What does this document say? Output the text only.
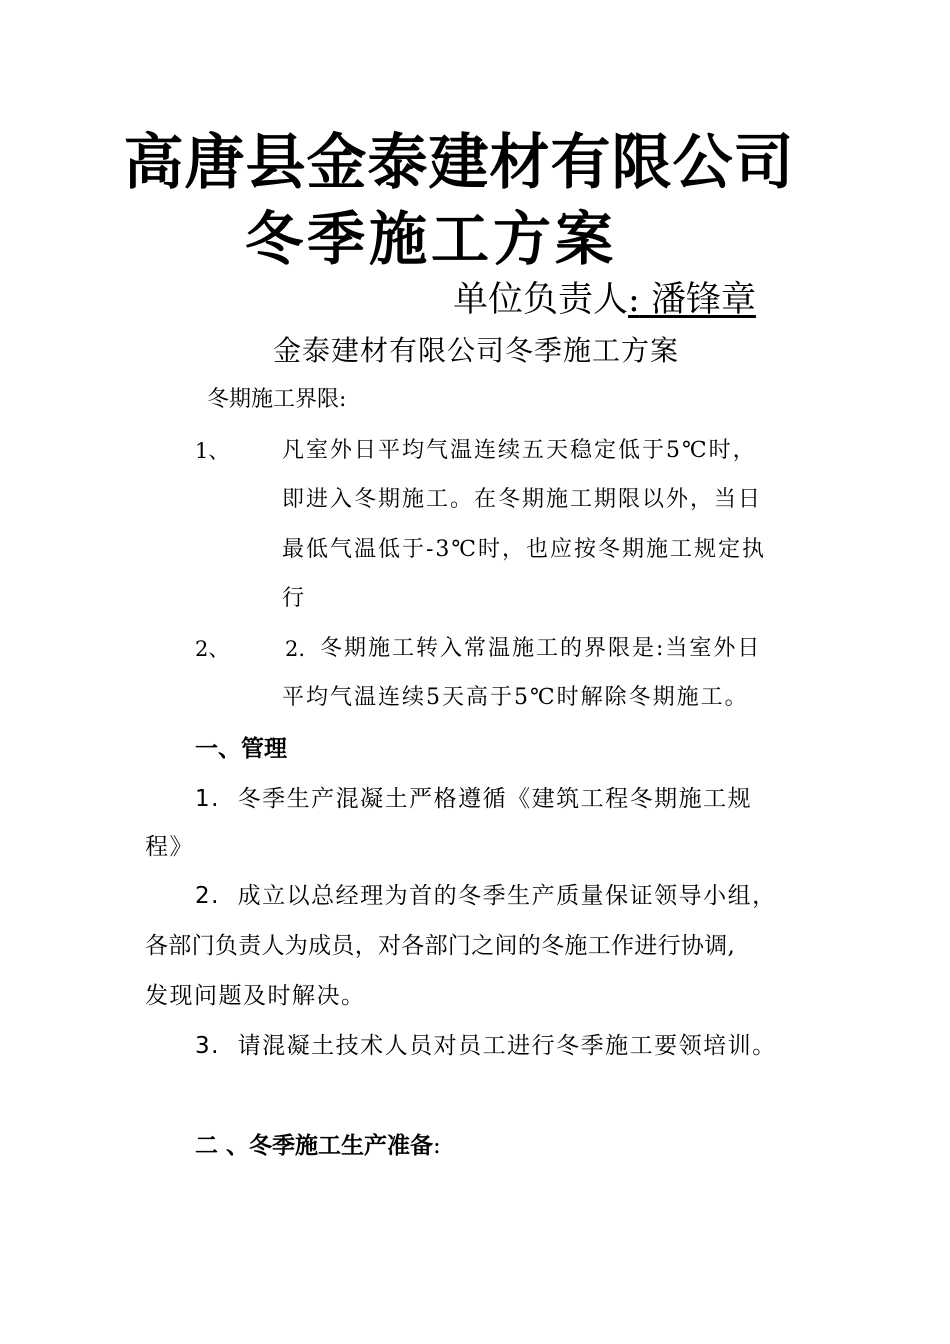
高唐县金泰建材有限公司
冬季施工方案
单位负责人: 潘锋章
金泰建材有限公司冬季施工方案
冬期施工界限:
1、 凡室外日平均气温连续五天稳定低于5℃时，
即进入冬期施工。在冬期施工期限以外，当日
最低气温低于-3℃时，也应按冬期施工规定执
行
2、	2. 冬期施工转入常温施工的界限是:当室外日
平均气温连续5天高于5℃时解除冬期施工。
一、管理
1. 冬季生产混凝土严格遵循《建筑工程冬期施工规
程》
2. 成立以总经理为首的冬季生产质量保证领导小组，
各部门负责人为成员，对各部门之间的冬施工作进行协调,
发现问题及时解决。
3. 请混凝土技术人员对员工进行冬季施工要领培训。
二 、冬季施工生产准备:
